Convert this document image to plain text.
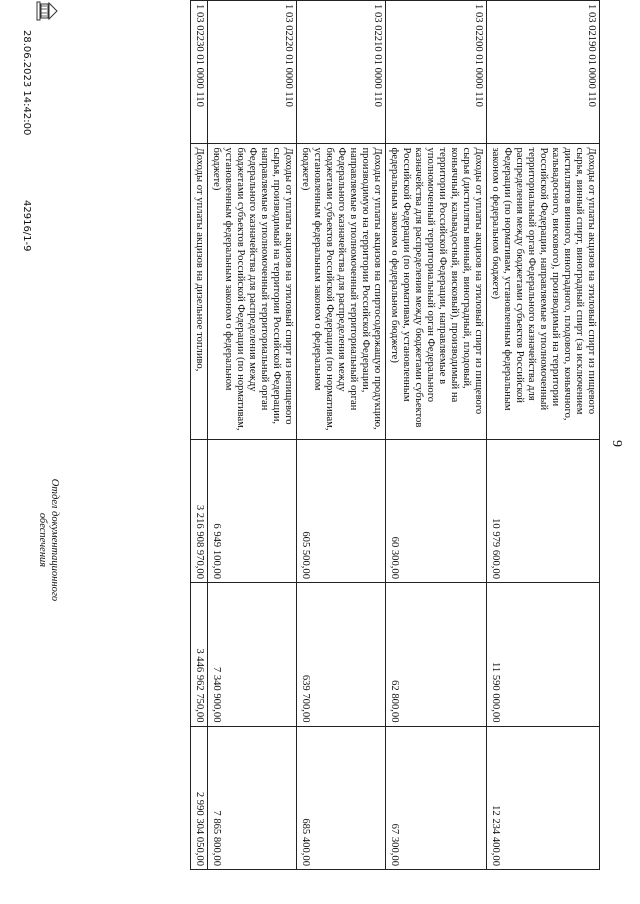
9
1 03 02190 01 0000 110	Доходы от уплаты акцизов на этиловый спирт из пищевого сырья, винный спирт, виноградный спирт (за исключением дистиллятов винного, виноградного, плодового, коньячного, кальвадосного, вискового), производимый на территории Российской Федерации, направляемые в уполномоченный территориальный орган Федерального казначейства для распределения между бюджетами субъектов Российской Федерации (по нормативам, установленным федеральным законом о федеральном бюджете)	10 979 600,00	11 590 000,00	12 234 400,00
1 03 02200 01 0000 110	Доходы от уплаты акцизов на этиловый спирт из пищевого сырья (дистилляты винный, виноградный, плодовый, коньячный, кальвадосный, висковый), производимый на территории Российской Федерации, направляемые в уполномоченный территориальный орган Федерального казначейства для распределения между бюджетами субъектов Российской Федерации (по нормативам, установленным федеральным законом о федеральном бюджете)	60 300,00	62 800,00	67 300,00
1 03 02210 01 0000 110	Доходы от уплаты акцизов на спиртосодержащую продукцию, производимую на территории Российской Федерации, направляемые в уполномоченный территориальный орган Федерального казначейства для распределения между бюджетами субъектов Российской Федерации (по нормативам, установленным федеральным законом о федеральном бюджете)	605 500,00	639 700,00	685 400,00
1 03 02220 01 0000 110	Доходы от уплаты акцизов на этиловый спирт из непищевого сырья, производимый на территории Российской Федерации, направляемые в уполномоченный территориальный орган Федерального казначейства для распределения между бюджетами субъектов Российской Федерации (по нормативам, установленным федеральным законом о федеральном бюджете)	6 949 100,00	7 340 900,00	7 865 800,00
1 03 02230 01 0000 110	Доходы от уплаты акцизов на дизельное топливо,	3 216 908 970,00	3 446 962 750,00	2 990 304 050,00
28.06.2023 14:42:00
42916/1-9
Отдел документационного обеспечения
